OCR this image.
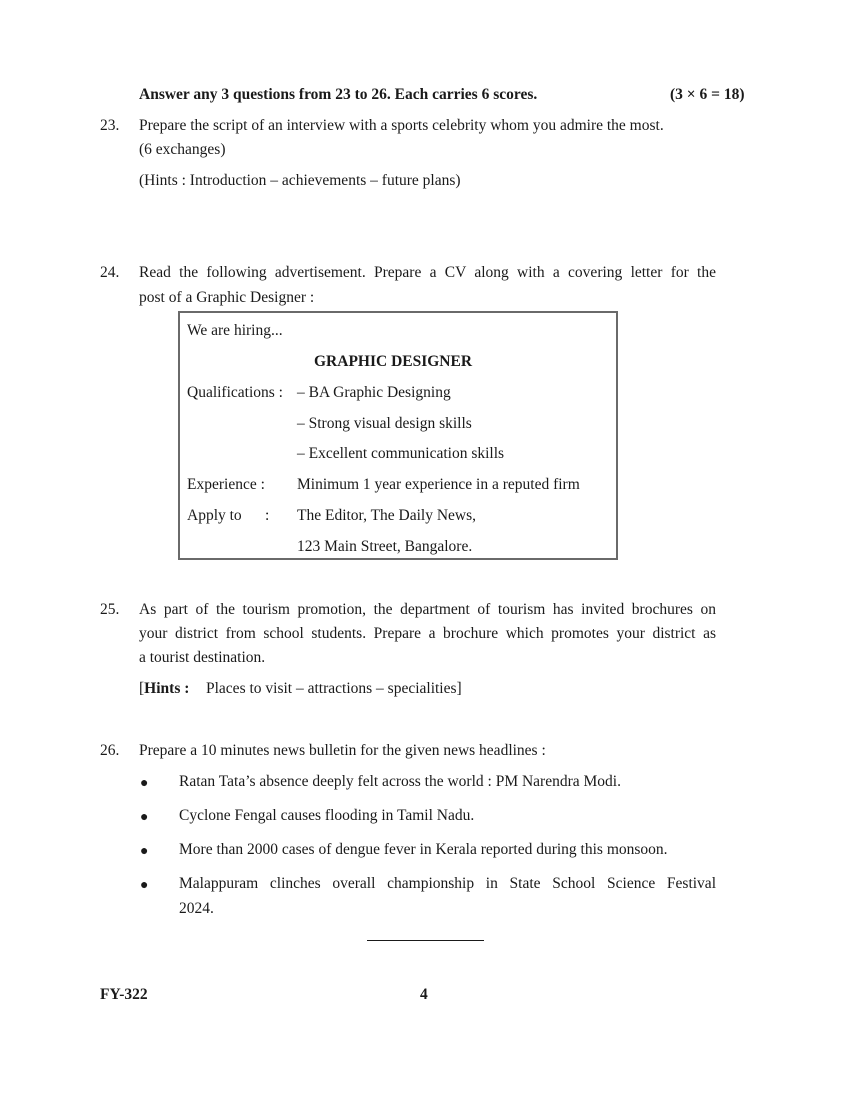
Answer any 3 questions from 23 to 26. Each carries 6 scores.	(3 × 6 = 18)
23. Prepare the script of an interview with a sports celebrity whom you admire the most.
(6 exchanges)
(Hints : Introduction – achievements – future plans)
24. Read the following advertisement. Prepare a CV along with a covering letter for the
post of a Graphic Designer :
We are hiring...
GRAPHIC DESIGNER
Qualifications : – BA Graphic Designing
– Strong visual design skills
– Excellent communication skills
Experience : Minimum 1 year experience in a reputed firm
Apply to : The Editor, The Daily News,
123 Main Street, Bangalore.
25. As part of the tourism promotion, the department of tourism has invited brochures on
your district from school students. Prepare a brochure which promotes your district as
a tourist destination.
[Hints : Places to visit – attractions – specialities]
26. Prepare a 10 minutes news bulletin for the given news headlines :
● Ratan Tata’s absence deeply felt across the world : PM Narendra Modi.
● Cyclone Fengal causes flooding in Tamil Nadu.
● More than 2000 cases of dengue fever in Kerala reported during this monsoon.
● Malappuram clinches overall championship in State School Science Festival
2024.
FY-322	4
